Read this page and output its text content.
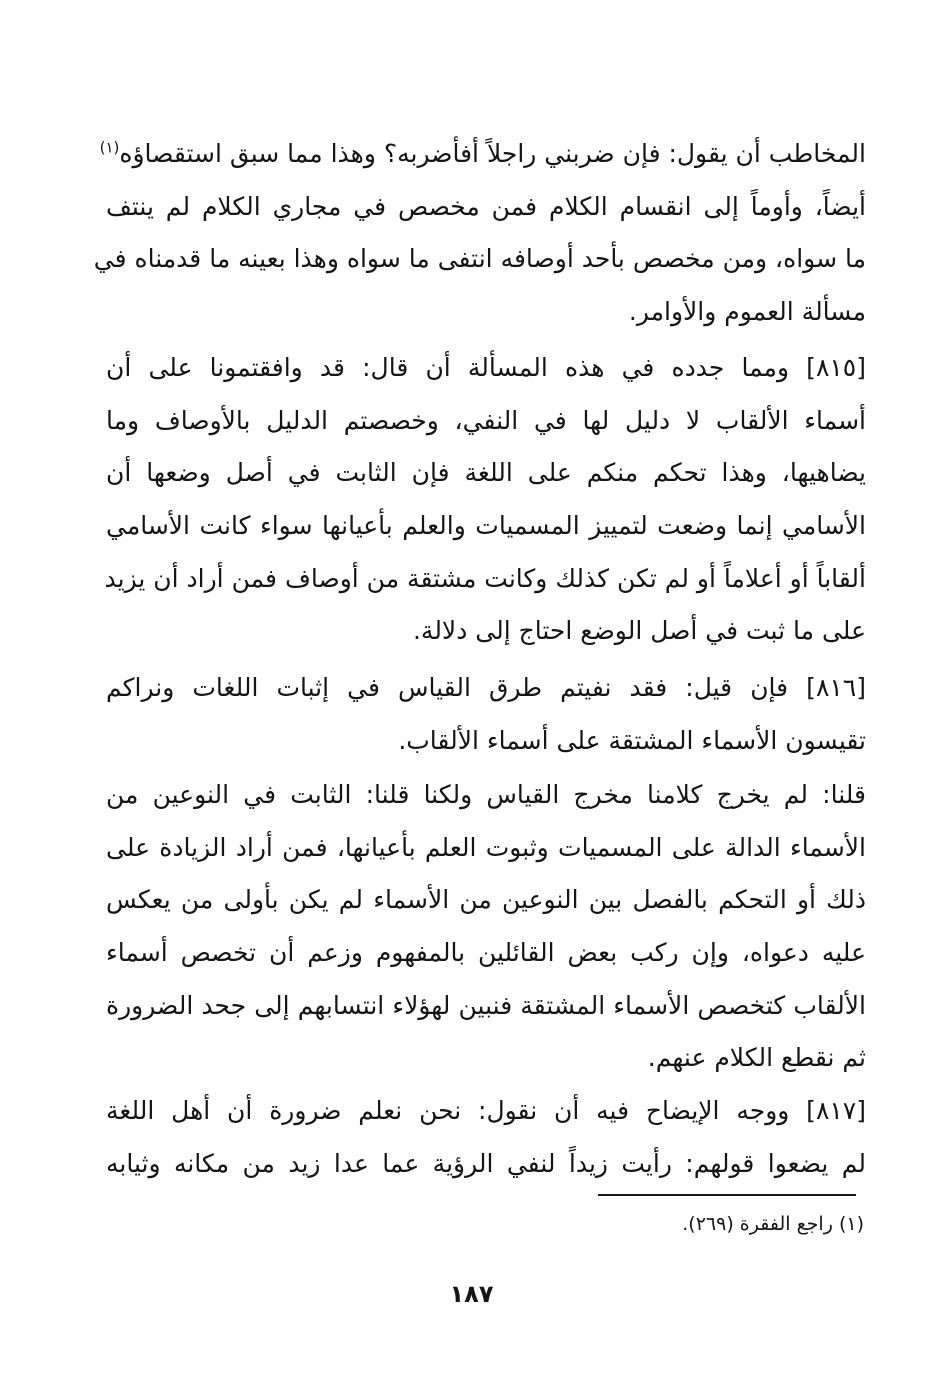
المخاطب أن يقول: فإن ضربني راجلاً أفأضربه؟ وهذا مما سبق استقصاؤه$^{(١)}$
أيضاً، وأوماً إلى انقسام الكلام فمن مخصص في مجاري الكلام لم ينتف
ما سواه، ومن مخصص بأحد أوصافه انتفى ما سواه وهذا بعينه ما قدمناه في
مسألة العموم والأوامر.
[٨١٥] ومما جدده في هذه المسألة أن قال: قد وافقتمونا على أن
أسماء الألقاب لا دليل لها في النفي، وخصصتم الدليل بالأوصاف وما
يضاهيها، وهذا تحكم منكم على اللغة فإن الثابت في أصل وضعها أن
الأسامي إنما وضعت لتمييز المسميات والعلم بأعيانها سواء كانت الأسامي
ألقاباً أو أعلاماً أو لم تكن كذلك وكانت مشتقة من أوصاف فمن أراد أن يزيد
على ما ثبت في أصل الوضع احتاج إلى دلالة.
[٨١٦] فإن قيل: فقد نفيتم طرق القياس في إثبات اللغات ونراكم
تقيسون الأسماء المشتقة على أسماء الألقاب.
قلنا: لم يخرج كلامنا مخرج القياس ولكنا قلنا: الثابت في النوعين من
الأسماء الدالة على المسميات وثبوت العلم بأعيانها، فمن أراد الزيادة على
ذلك أو التحكم بالفصل بين النوعين من الأسماء لم يكن بأولى من يعكس
عليه دعواه، وإن ركب بعض القائلين بالمفهوم وزعم أن تخصص أسماء
الألقاب كتخصص الأسماء المشتقة فنبين لهؤلاء انتسابهم إلى جحد الضرورة
ثم نقطع الكلام عنهم.
[٨١٧] ووجه الإيضاح فيه أن نقول: نحن نعلم ضرورة أن أهل اللغة
لم يضعوا قولهم: رأيت زيداً لنفي الرؤية عما عدا زيد من مكانه وثيابه
(١) راجع الفقرة (٢٦٩).
١٨٧
